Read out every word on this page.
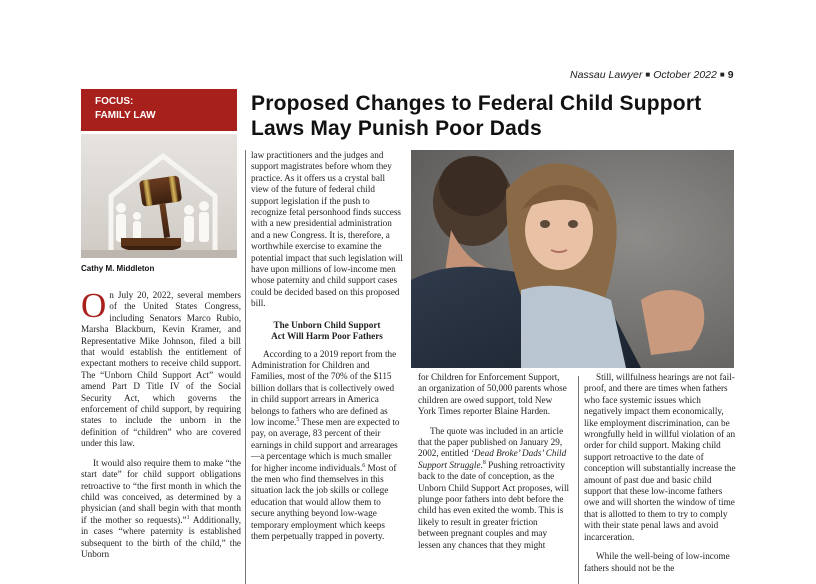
Nassau Lawyer ■ October 2022 ■ 9
FOCUS:
FAMILY LAW
Proposed Changes to Federal Child Support
Laws May Punish Poor Dads
Cathy M. Middleton

On July 20, 2022, several members of the United States Congress, including Senators Marco Rubio, Marsha Blackburn, Kevin Kramer, and Representative Mike Johnson, filed a bill that would establish the entitlement of expectant mothers to receive child support. The “Unborn Child Support Act” would amend Part D Title IV of the Social Security Act, which governs the enforcement of child support, by requiring states to include the unborn in the definition of “children” who are covered under this law.

It would also require them to make “the start date” for child support obligations retroactive to “the first month in which the child was conceived, as determined by a physician (and shall begin with that month if the mother so requests).”$^1$ Additionally, in cases “where paternity is established subsequent to the birth of the child,” the Unborn

law practitioners and the judges and support magistrates before whom they practice. As it offers us a crystal ball view of the future of federal child support legislation if the push to recognize fetal personhood finds success with a new presidential administration and a new Congress. It is, therefore, a worthwhile exercise to examine the potential impact that such legislation will have upon millions of low-income men whose paternity and child support cases could be decided based on this proposed bill.

The Unborn Child Support
Act Will Harm Poor Fathers

According to a 2019 report from the Administration for Children and Families, most of the 70% of the $115 billion dollars that is collectively owed in child support arrears in America belongs to fathers who are defined as low income.$^5$ These men are expected to pay, on average, 83 percent of their earnings in child support and arrearages—a percentage which is much smaller for higher income individuals.$^6$ Most of the men who find themselves in this situation lack the job skills or college education that would allow them to secure anything beyond low-wage temporary employment which keeps them perpetually trapped in poverty.

for Children for Enforcement Support, an organization of 50,000 parents whose children are owed support, told New York Times reporter Blaine Harden.

The quote was included in an article that the paper published on January 29, 2002, entitled ‘Dead Broke’ Dads’ Child Support Struggle.$^8$ Pushing retroactivity back to the date of conception, as the Unborn Child Support Act proposes, will plunge poor fathers into debt before the child has even exited the womb. This is likely to result in greater friction between pregnant couples and may lessen any chances that they might

Still, willfulness hearings are not fail-proof, and there are times when fathers who face systemic issues which negatively impact them economically, like employment discrimination, can be wrongfully held in willful violation of an order for child support. Making child support retroactive to the date of conception will substantially increase the amount of past due and basic child support that these low-income fathers owe and will shorten the window of time that is allotted to them to try to comply with their state penal laws and avoid incarceration.

While the well-being of low-income fathers should not be the
